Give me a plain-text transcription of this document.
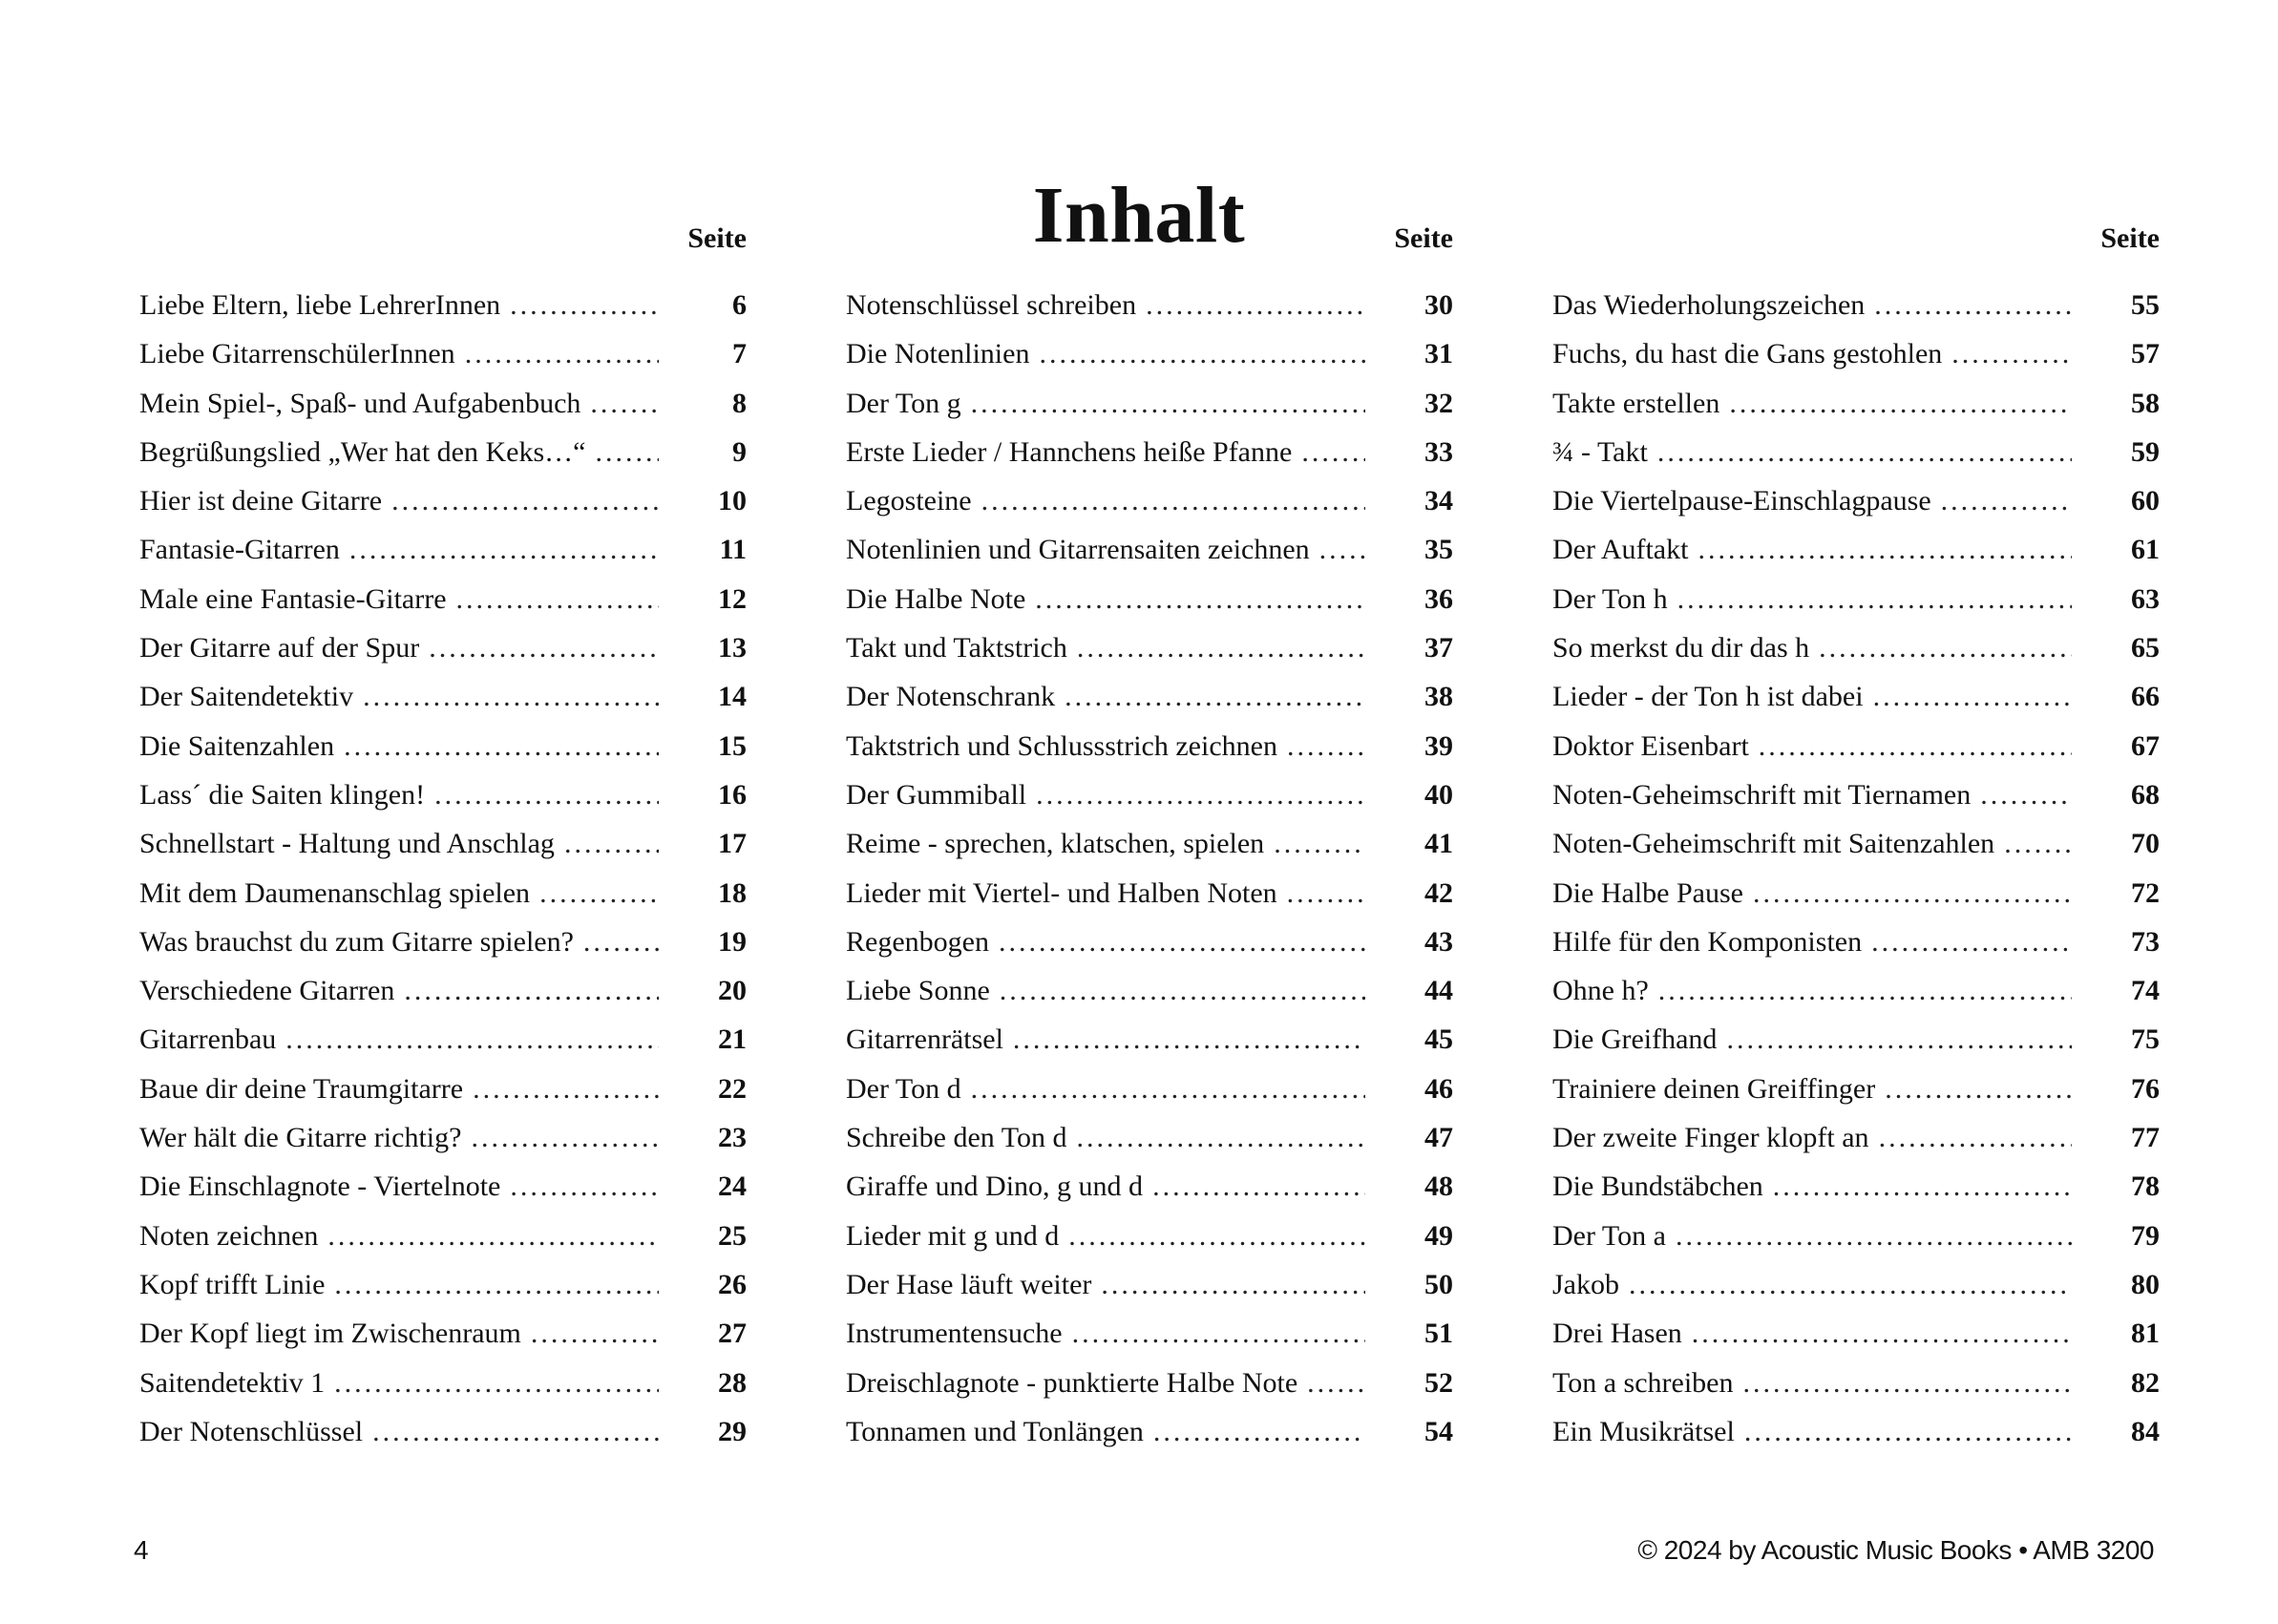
Inhalt
Seite
Liebe Eltern, liebe LehrerInnen .....	6
Liebe GitarrenschülerInnen .....	7
Mein Spiel-, Spaß- und Aufgabenbuch .....	8
Begrüßungslied „Wer hat den Keks…“ .....	9
Hier ist deine Gitarre .....	10
Fantasie-Gitarren .....	11
Male eine Fantasie-Gitarre .....	12
Der Gitarre auf der Spur .....	13
Der Saitendetektiv .....	14
Die Saitenzahlen .....	15
Lass´ die Saiten klingen! .....	16
Schnellstart - Haltung und Anschlag .....	17
Mit dem Daumenanschlag spielen .....	18
Was brauchst du zum Gitarre spielen? .....	19
Verschiedene Gitarren .....	20
Gitarrenbau .....	21
Baue dir deine Traumgitarre .....	22
Wer hält die Gitarre richtig? .....	23
Die Einschlagnote - Viertelnote .....	24
Noten zeichnen .....	25
Kopf trifft Linie .....	26
Der Kopf liegt im Zwischenraum .....	27
Saitendetektiv 1 .....	28
Der Notenschlüssel .....	29
Seite
Notenschlüssel schreiben .....	30
Die Notenlinien .....	31
Der Ton g .....	32
Erste Lieder / Hannchens heiße Pfanne .....	33
Legosteine .....	34
Notenlinien und Gitarrensaiten zeichnen .....	35
Die Halbe Note .....	36
Takt und Taktstrich .....	37
Der Notenschrank .....	38
Taktstrich und Schlussstrich zeichnen .....	39
Der Gummiball .....	40
Reime - sprechen, klatschen, spielen .....	41
Lieder mit Viertel- und Halben Noten .....	42
Regenbogen .....	43
Liebe Sonne .....	44
Gitarrenrätsel .....	45
Der Ton d .....	46
Schreibe den Ton d .....	47
Giraffe und Dino, g und d .....	48
Lieder mit g und d .....	49
Der Hase läuft weiter .....	50
Instrumentensuche .....	51
Dreischlagnote - punktierte Halbe Note .....	52
Tonnamen und Tonlängen .....	54
Seite
Das Wiederholungszeichen .....	55
Fuchs, du hast die Gans gestohlen .....	57
Takte erstellen .....	58
¾ - Takt .....	59
Die Viertelpause-Einschlagpause .....	60
Der Auftakt .....	61
Der Ton h .....	63
So merkst du dir das h .....	65
Lieder - der Ton h ist dabei .....	66
Doktor Eisenbart .....	67
Noten-Geheimschrift mit Tiernamen .....	68
Noten-Geheimschrift mit Saitenzahlen .....	70
Die Halbe Pause .....	72
Hilfe für den Komponisten .....	73
Ohne h? .....	74
Die Greifhand .....	75
Trainiere deinen Greiffinger .....	76
Der zweite Finger klopft an .....	77
Die Bundstäbchen .....	78
Der Ton a .....	79
Jakob .....	80
Drei Hasen .....	81
Ton a schreiben .....	82
Ein Musikrätsel .....	84
4	© 2024 by Acoustic Music Books • AMB 3200
